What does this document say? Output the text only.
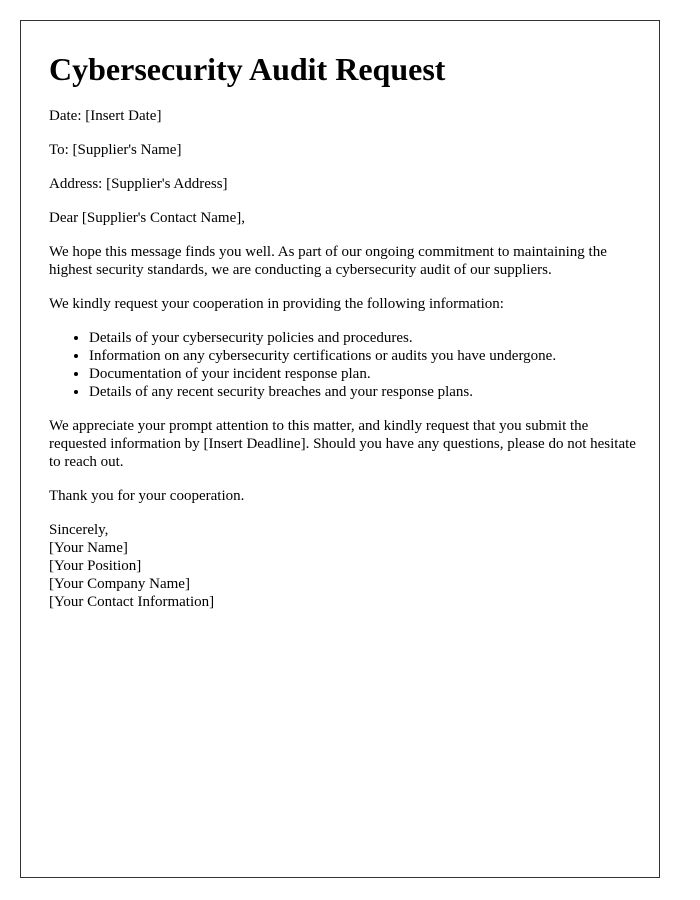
Cybersecurity Audit Request

Date: [Insert Date]

To: [Supplier's Name]

Address: [Supplier's Address]

Dear [Supplier's Contact Name],

We hope this message finds you well. As part of our ongoing commitment to maintaining the highest security standards, we are conducting a cybersecurity audit of our suppliers.

We kindly request your cooperation in providing the following information:

• Details of your cybersecurity policies and procedures.
• Information on any cybersecurity certifications or audits you have undergone.
• Documentation of your incident response plan.
• Details of any recent security breaches and your response plans.

We appreciate your prompt attention to this matter, and kindly request that you submit the requested information by [Insert Deadline]. Should you have any questions, please do not hesitate to reach out.

Thank you for your cooperation.

Sincerely,
[Your Name]
[Your Position]
[Your Company Name]
[Your Contact Information]
